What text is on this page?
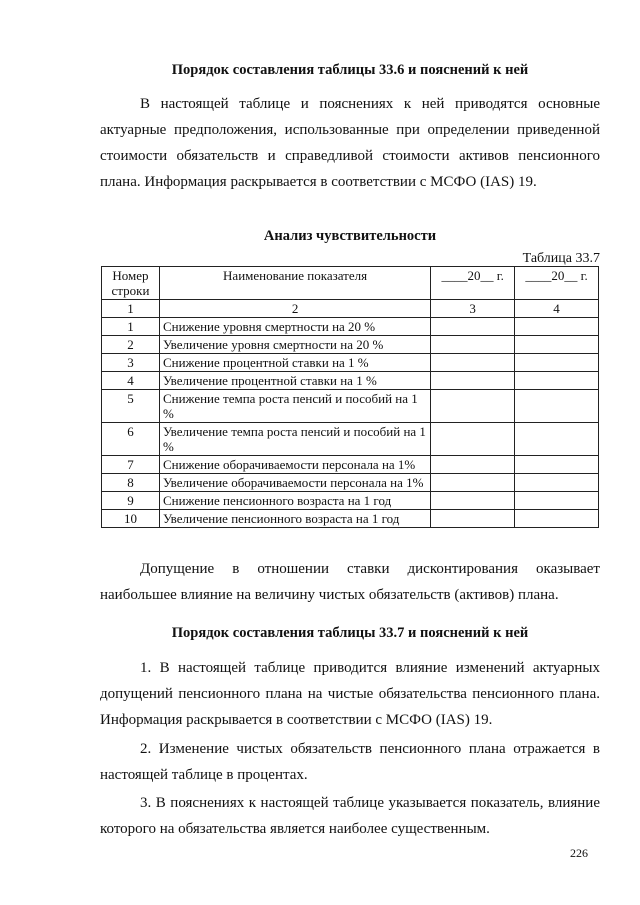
Порядок составления таблицы 33.6 и пояснений к ней
В настоящей таблице и пояснениях к ней приводятся основные
актуарные предположения, использованные при определении приведенной
стоимости обязательств и справедливой стоимости активов пенсионного
плана. Информация раскрывается в соответствии с МСФО (IAS) 19.
Анализ чувствительности
Таблица 33.7
Номер строки	Наименование показателя	____20__ г.	____20__ г.
1	2	3	4
1	Снижение уровня смертности на 20 %		
2	Увеличение уровня смертности на 20 %		
3	Снижение процентной ставки на 1 %		
4	Увеличение процентной ставки на 1 %		
5	Снижение темпа роста пенсий и пособий на 1 %		
6	Увеличение темпа роста пенсий и пособий на 1 %		
7	Снижение оборачиваемости персонала на 1%		
8	Увеличение оборачиваемости персонала на 1%		
9	Снижение пенсионного возраста на 1 год		
10	Увеличение пенсионного возраста на 1 год		
Допущение в отношении ставки дисконтирования оказывает
наибольшее влияние на величину чистых обязательств (активов) плана.
Порядок составления таблицы 33.7 и пояснений к ней
1. В настоящей таблице приводится влияние изменений актуарных
допущений пенсионного плана на чистые обязательства пенсионного плана.
Информация раскрывается в соответствии с МСФО (IAS) 19.
2. Изменение чистых обязательств пенсионного плана отражается в
настоящей таблице в процентах.
3. В пояснениях к настоящей таблице указывается показатель, влияние
которого на обязательства является наиболее существенным.
226
